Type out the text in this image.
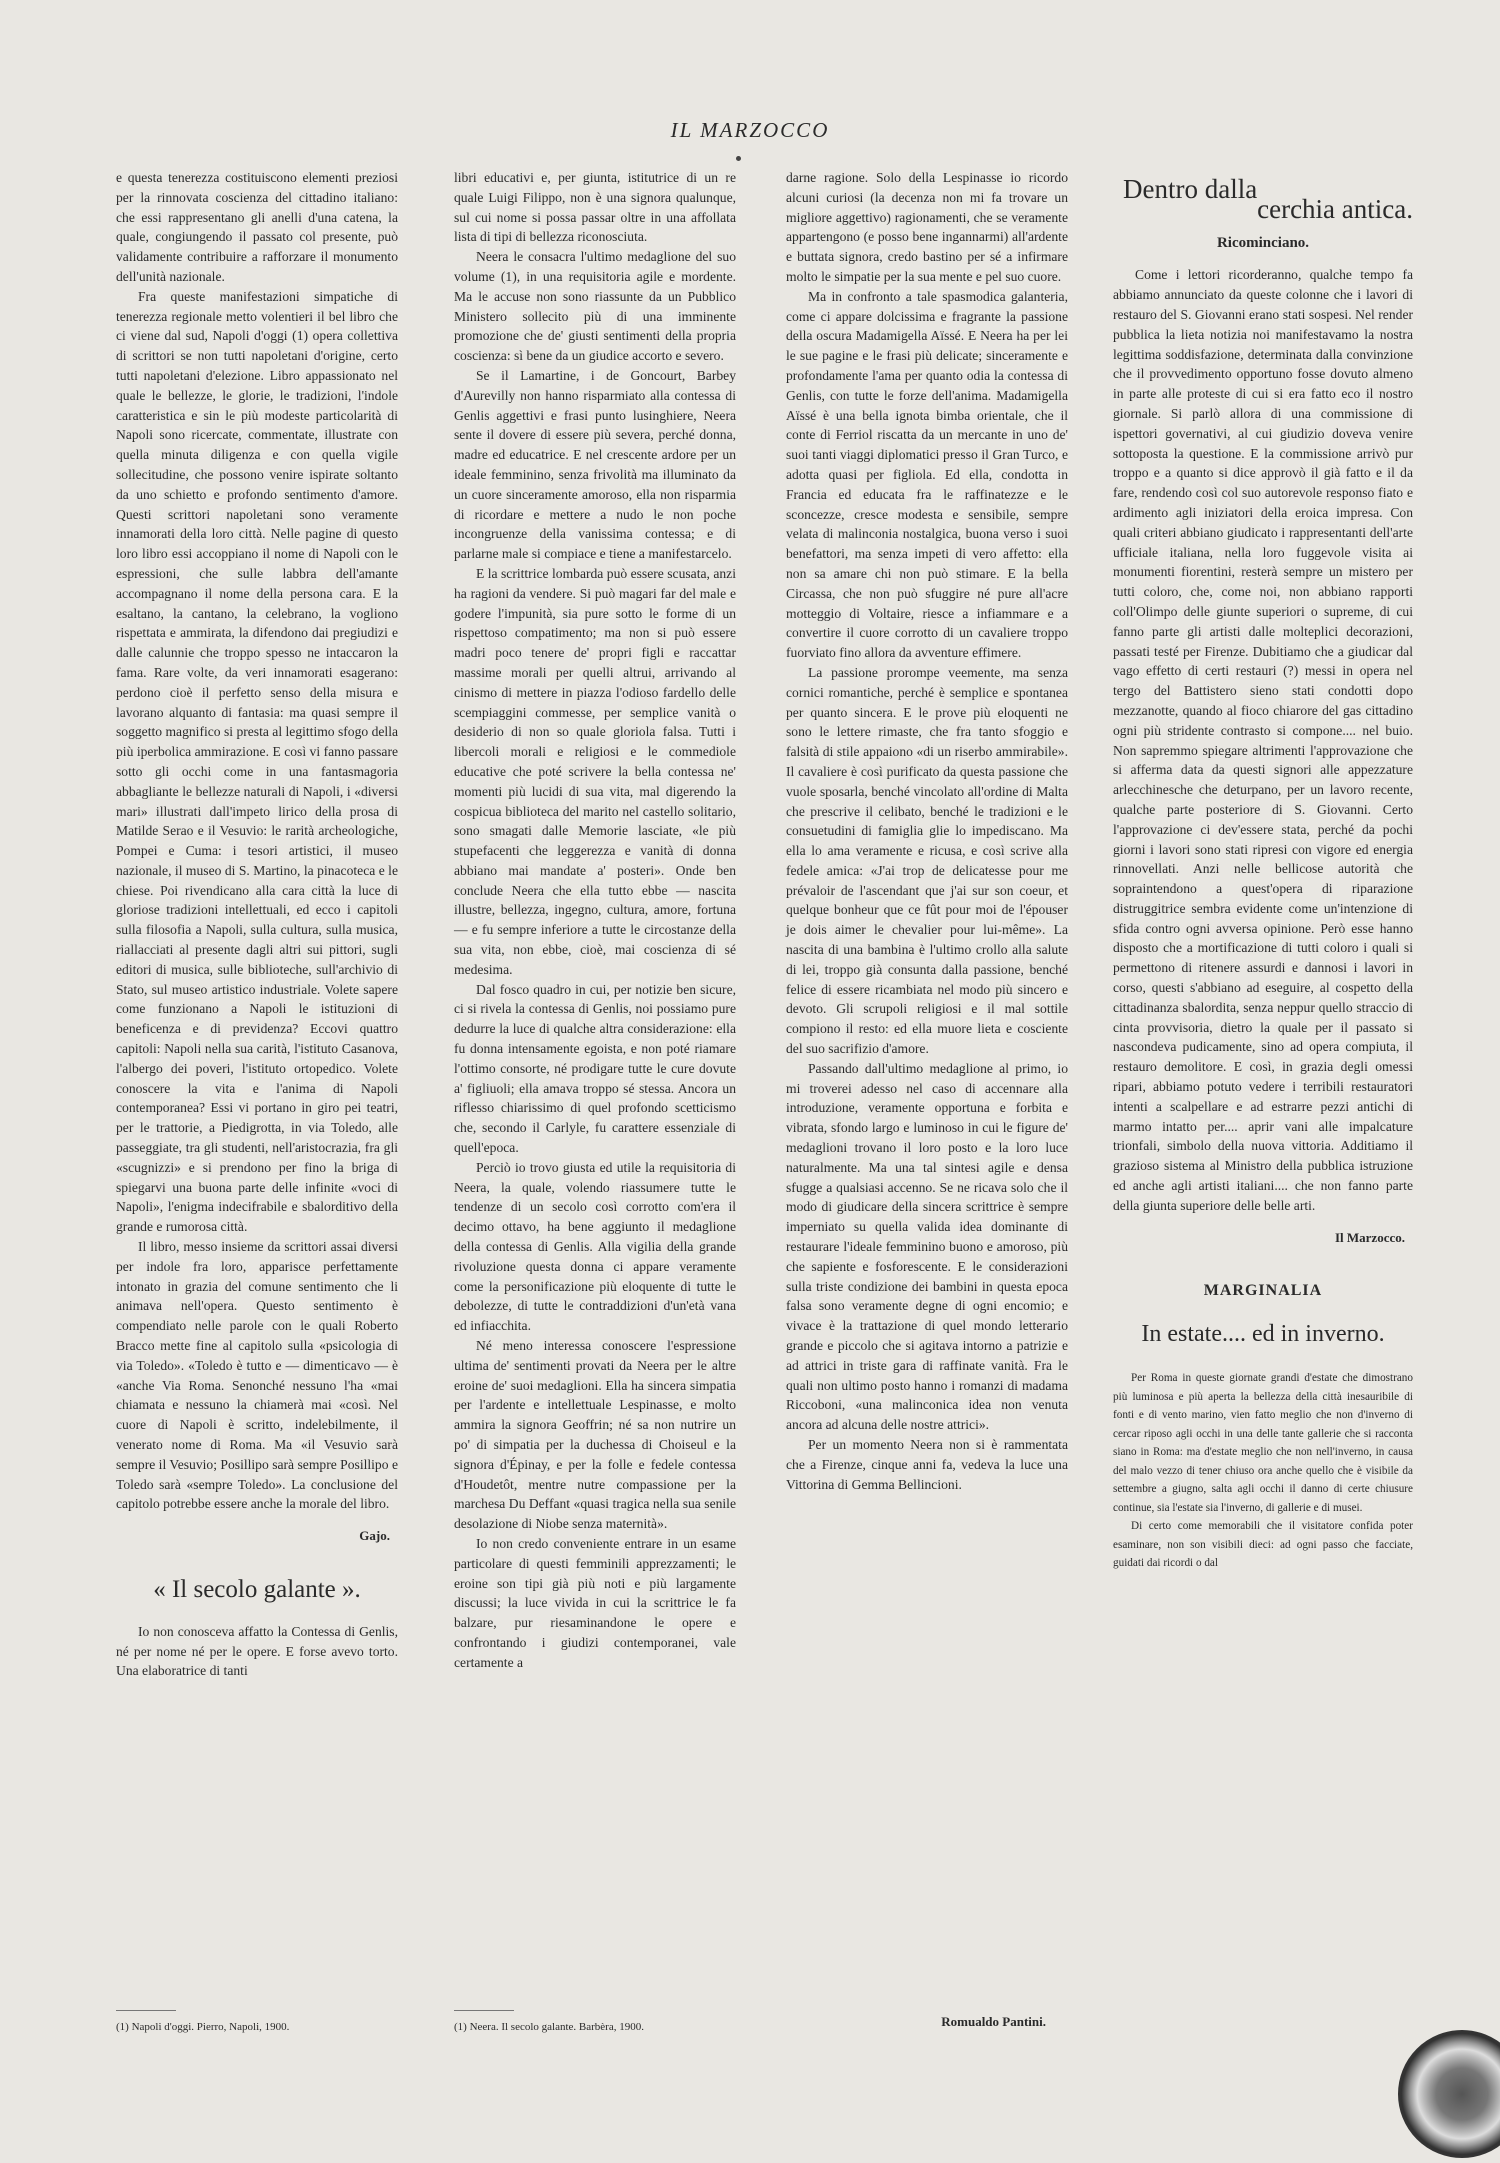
IL MARZOCCO

e questa tenerezza costituiscono elementi preziosi per la rinnovata coscienza del cittadino italiano: che essi rappresentano gli anelli d'una catena, la quale, congiungendo il passato col presente, può validamente contribuire a rafforzare il monumento dell'unità nazionale.

Fra queste manifestazioni simpatiche di tenerezza regionale metto volentieri il bel libro che ci viene dal sud, Napoli d'oggi (1) opera collettiva di scrittori se non tutti napoletani d'origine, certo tutti napoletani d'elezione. Libro appassionato nel quale le bellezze, le glorie, le tradizioni, l'indole caratteristica e sin le più modeste particolarità di Napoli sono ricercate, commentate, illustrate con quella minuta diligenza e con quella vigile sollecitudine, che possono venire ispirate soltanto da uno schietto e profondo sentimento d'amore. Questi scrittori napoletani sono veramente innamorati della loro città. Nelle pagine di questo loro libro essi accoppiano il nome di Napoli con le espressioni, che sulle labbra dell'amante accompagnano il nome della persona cara. E la esaltano, la cantano, la celebrano, la vogliono rispettata e ammirata, la difendono dai pregiudizi e dalle calunnie che troppo spesso ne intaccaron la fama. Rare volte, da veri innamorati esagerano: perdono cioè il perfetto senso della misura e lavorano alquanto di fantasia: ma quasi sempre il soggetto magnifico si presta al legittimo sfogo della più iperbolica ammirazione. E così vi fanno passare sotto gli occhi come in una fantasmagoria abbagliante le bellezze naturali di Napoli, i «diversi mari» illustrati dall'impeto lirico della prosa di Matilde Serao e il Vesuvio: le rarità archeologiche, Pompei e Cuma: i tesori artistici, il museo nazionale, il museo di S. Martino, la pinacoteca e le chiese. Poi rivendicano alla cara città la luce di gloriose tradizioni intellettuali, ed ecco i capitoli sulla filosofia a Napoli, sulla cultura, sulla musica, riallacciati al presente dagli altri sui pittori, sugli editori di musica, sulle biblioteche, sull'archivio di Stato, sul museo artistico industriale. Volete sapere come funzionano a Napoli le istituzioni di beneficenza e di previdenza? Eccovi quattro capitoli: Napoli nella sua carità, l'istituto Casanova, l'albergo dei poveri, l'istituto ortopedico. Volete conoscere la vita e l'anima di Napoli contemporanea? Essi vi portano in giro pei teatri, per le trattorie, a Piedigrotta, in via Toledo, alle passeggiate, tra gli studenti, nell'aristocrazia, fra gli «scugnizzi» e si prendono per fino la briga di spiegarvi una buona parte delle infinite «voci di Napoli», l'enigma indecifrabile e sbalorditivo della grande e rumorosa città.

Il libro, messo insieme da scrittori assai diversi per indole fra loro, apparisce perfettamente intonato in grazia del comune sentimento che li animava nell'opera. Questo sentimento è compendiato nelle parole con le quali Roberto Bracco mette fine al capitolo sulla «psicologia di via Toledo». «Toledo è tutto e — dimenticavo — è «anche Via Roma. Senonché nessuno l'ha «mai chiamata e nessuno la chiamerà mai «così. Nel cuore di Napoli è scritto, indelebilmente, il venerato nome di Roma. Ma «il Vesuvio sarà sempre il Vesuvio; Posillipo sarà sempre Posillipo e Toledo sarà «sempre Toledo». La conclusione del capitolo potrebbe essere anche la morale del libro.

Gajo.
« Il secolo galante ».

Io non conosceva affatto la Contessa di Genlis, né per nome né per le opere. E forse avevo torto. Una elaboratrice di tanti

(1) Napoli d'oggi. Pierro, Napoli, 1900.

libri educativi e, per giunta, istitutrice di un re quale Luigi Filippo, non è una signora qualunque, sul cui nome si possa passar oltre in una affollata lista di tipi di bellezza riconosciuta.

Neera le consacra l'ultimo medaglione del suo volume (1), in una requisitoria agile e mordente. Ma le accuse non sono riassunte da un Pubblico Ministero sollecito più di una imminente promozione che de' giusti sentimenti della propria coscienza: sì bene da un giudice accorto e severo.

Se il Lamartine, i de Goncourt, Barbey d'Aurevilly non hanno risparmiato alla contessa di Genlis aggettivi e frasi punto lusinghiere, Neera sente il dovere di essere più severa, perché donna, madre ed educatrice. E nel crescente ardore per un ideale femminino, senza frivolità ma illuminato da un cuore sinceramente amoroso, ella non risparmia di ricordare e mettere a nudo le non poche incongruenze della vanissima contessa; e di parlarne male si compiace e tiene a manifestarcelo.

E la scrittrice lombarda può essere scusata, anzi ha ragioni da vendere. Si può magari far del male e godere l'impunità, sia pure sotto le forme di un rispettoso compatimento; ma non si può essere madri poco tenere de' propri figli e raccattar massime morali per quelli altrui, arrivando al cinismo di mettere in piazza l'odioso fardello delle scempiaggini commesse, per semplice vanità o desiderio di non so quale gloriola falsa. Tutti i libercoli morali e religiosi e le commediole educative che poté scrivere la bella contessa ne' momenti più lucidi di sua vita, mal digerendo la cospicua biblioteca del marito nel castello solitario, sono smagati dalle Memorie lasciate, «le più stupefacenti che leggerezza e vanità di donna abbiano mai mandate a' posteri». Onde ben conclude Neera che ella tutto ebbe — nascita illustre, bellezza, ingegno, cultura, amore, fortuna — e fu sempre inferiore a tutte le circostanze della sua vita, non ebbe, cioè, mai coscienza di sé medesima.

Dal fosco quadro in cui, per notizie ben sicure, ci si rivela la contessa di Genlis, noi possiamo pure dedurre la luce di qualche altra considerazione: ella fu donna intensamente egoista, e non poté riamare l'ottimo consorte, né prodigare tutte le cure dovute a' figliuoli; ella amava troppo sé stessa. Ancora un riflesso chiarissimo di quel profondo scetticismo che, secondo il Carlyle, fu carattere essenziale di quell'epoca.

Perciò io trovo giusta ed utile la requisitoria di Neera, la quale, volendo riassumere tutte le tendenze di un secolo così corrotto com'era il decimo ottavo, ha bene aggiunto il medaglione della contessa di Genlis. Alla vigilia della grande rivoluzione questa donna ci appare veramente come la personificazione più eloquente di tutte le debolezze, di tutte le contraddizioni d'un'età vana ed infiacchita.

Né meno interessa conoscere l'espressione ultima de' sentimenti provati da Neera per le altre eroine de' suoi medaglioni. Ella ha sincera simpatia per l'ardente e intellettuale Lespinasse, e molto ammira la signora Geoffrin; né sa non nutrire un po' di simpatia per la duchessa di Choiseul e la signora d'Épinay, e per la folle e fedele contessa d'Houdetôt, mentre nutre compassione per la marchesa Du Deffant «quasi tragica nella sua senile desolazione di Niobe senza maternità».

Io non credo conveniente entrare in un esame particolare di questi femminili apprezzamenti; le eroine son tipi già più noti e più largamente discussi; la luce vivida in cui la scrittrice le fa balzare, pur riesaminandone le opere e confrontando i giudizi contemporanei, vale certamente a

(1) Neera. Il secolo galante. Barbèra, 1900.

darne ragione. Solo della Lespinasse io ricordo alcuni curiosi (la decenza non mi fa trovare un migliore aggettivo) ragionamenti, che se veramente appartengono (e posso bene ingannarmi) all'ardente e buttata signora, credo bastino per sé a infirmare molto le simpatie per la sua mente e pel suo cuore.

Ma in confronto a tale spasmodica galanteria, come ci appare dolcissima e fragrante la passione della oscura Madamigella Aïssé. E Neera ha per lei le sue pagine e le frasi più delicate; sinceramente e profondamente l'ama per quanto odia la contessa di Genlis, con tutte le forze dell'anima. Madamigella Aïssé è una bella ignota bimba orientale, che il conte di Ferriol riscatta da un mercante in uno de' suoi tanti viaggi diplomatici presso il Gran Turco, e adotta quasi per figliola. Ed ella, condotta in Francia ed educata fra le raffinatezze e le sconcezze, cresce modesta e sensibile, sempre velata di malinconia nostalgica, buona verso i suoi benefattori, ma senza impeti di vero affetto: ella non sa amare chi non può stimare. E la bella Circassa, che non può sfuggire né pure all'acre motteggio di Voltaire, riesce a infiammare e a convertire il cuore corrotto di un cavaliere troppo fuorviato fino allora da avventure effimere.

La passione prorompe veemente, ma senza cornici romantiche, perché è semplice e spontanea per quanto sincera. E le prove più eloquenti ne sono le lettere rimaste, che fra tanto sfoggio e falsità di stile appaiono «di un riserbo ammirabile». Il cavaliere è così purificato da questa passione che vuole sposarla, benché vincolato all'ordine di Malta che prescrive il celibato, benché le tradizioni e le consuetudini di famiglia glie lo impediscano. Ma ella lo ama veramente e ricusa, e così scrive alla fedele amica: «J'ai trop de delicatesse pour me prévaloir de l'ascendant que j'ai sur son coeur, et quelque bonheur que ce fût pour moi de l'épouser je dois aimer le chevalier pour lui-même». La nascita di una bambina è l'ultimo crollo alla salute di lei, troppo già consunta dalla passione, benché felice di essere ricambiata nel modo più sincero e devoto. Gli scrupoli religiosi e il mal sottile compiono il resto: ed ella muore lieta e cosciente del suo sacrifizio d'amore.

Passando dall'ultimo medaglione al primo, io mi troverei adesso nel caso di accennare alla introduzione, veramente opportuna e forbita e vibrata, sfondo largo e luminoso in cui le figure de' medaglioni trovano il loro posto e la loro luce naturalmente. Ma una tal sintesi agile e densa sfugge a qualsiasi accenno. Se ne ricava solo che il modo di giudicare della sincera scrittrice è sempre imperniato su quella valida idea dominante di restaurare l'ideale femminino buono e amoroso, più che sapiente e fosforescente. E le considerazioni sulla triste condizione dei bambini in questa epoca falsa sono veramente degne di ogni encomio; e vivace è la trattazione di quel mondo letterario grande e piccolo che si agitava intorno a patrizie e ad attrici in triste gara di raffinate vanità. Fra le quali non ultimo posto hanno i romanzi di madama Riccoboni, «una malinconica idea non venuta ancora ad alcuna delle nostre attrici».

Per un momento Neera non si è rammentata che a Firenze, cinque anni fa, vedeva la luce una Vittorina di Gemma Bellincioni.

Romualdo Pantini.
Dentro dalla
cerchia antica.
Ricominciano.

Come i lettori ricorderanno, qualche tempo fa abbiamo annunciato da queste colonne che i lavori di restauro del S. Giovanni erano stati sospesi. Nel render pubblica la lieta notizia noi manifestavamo la nostra legittima soddisfazione, determinata dalla convinzione che il provvedimento opportuno fosse dovuto almeno in parte alle proteste di cui si era fatto eco il nostro giornale. Si parlò allora di una commissione di ispettori governativi, al cui giudizio doveva venire sottoposta la questione. E la commissione arrivò pur troppo e a quanto si dice approvò il già fatto e il da fare, rendendo così col suo autorevole responso fiato e ardimento agli iniziatori della eroica impresa. Con quali criteri abbiano giudicato i rappresentanti dell'arte ufficiale italiana, nella loro fuggevole visita ai monumenti fiorentini, resterà sempre un mistero per tutti coloro, che, come noi, non abbiano rapporti coll'Olimpo delle giunte superiori o supreme, di cui fanno parte gli artisti dalle molteplici decorazioni, passati testé per Firenze. Dubitiamo che a giudicar dal vago effetto di certi restauri (?) messi in opera nel tergo del Battistero sieno stati condotti dopo mezzanotte, quando al fioco chiarore del gas cittadino ogni più stridente contrasto si compone.... nel buio. Non sapremmo spiegare altrimenti l'approvazione che si afferma data da questi signori alle appezzature arlecchinesche che deturpano, per un lavoro recente, qualche parte posteriore di S. Giovanni. Certo l'approvazione ci dev'essere stata, perché da pochi giorni i lavori sono stati ripresi con vigore ed energia rinnovellati. Anzi nelle bellicose autorità che sopraintendono a quest'opera di riparazione distruggitrice sembra evidente come un'intenzione di sfida contro ogni avversa opinione. Però esse hanno disposto che a mortificazione di tutti coloro i quali si permettono di ritenere assurdi e dannosi i lavori in corso, questi s'abbiano ad eseguire, al cospetto della cittadinanza sbalordita, senza neppur quello straccio di cinta provvisoria, dietro la quale per il passato si nascondeva pudicamente, sino ad opera compiuta, il restauro demolitore. E così, in grazia degli omessi ripari, abbiamo potuto vedere i terribili restauratori intenti a scalpellare e ad estrarre pezzi antichi di marmo intatto per.... aprir vani alle impalcature trionfali, simbolo della nuova vittoria. Additiamo il grazioso sistema al Ministro della pubblica istruzione ed anche agli artisti italiani.... che non fanno parte della giunta superiore delle belle arti.

Il Marzocco.
MARGINALIA
In estate.... ed in inverno.

Per Roma in queste giornate grandi d'estate che dimostrano più luminosa e più aperta la bellezza della città inesauribile di fonti e di vento marino, vien fatto meglio che non d'inverno di cercar riposo agli occhi in una delle tante gallerie che si racconta siano in Roma: ma d'estate meglio che non nell'inverno, in causa del malo vezzo di tener chiuso ora anche quello che è visibile da settembre a giugno, salta agli occhi il danno di certe chiusure continue, sia l'estate sia l'inverno, di gallerie e di musei.

Di certo come memorabili che il visitatore confida poter esaminare, non son visibili dieci: ad ogni passo che facciate, guidati dai ricordi o dal
